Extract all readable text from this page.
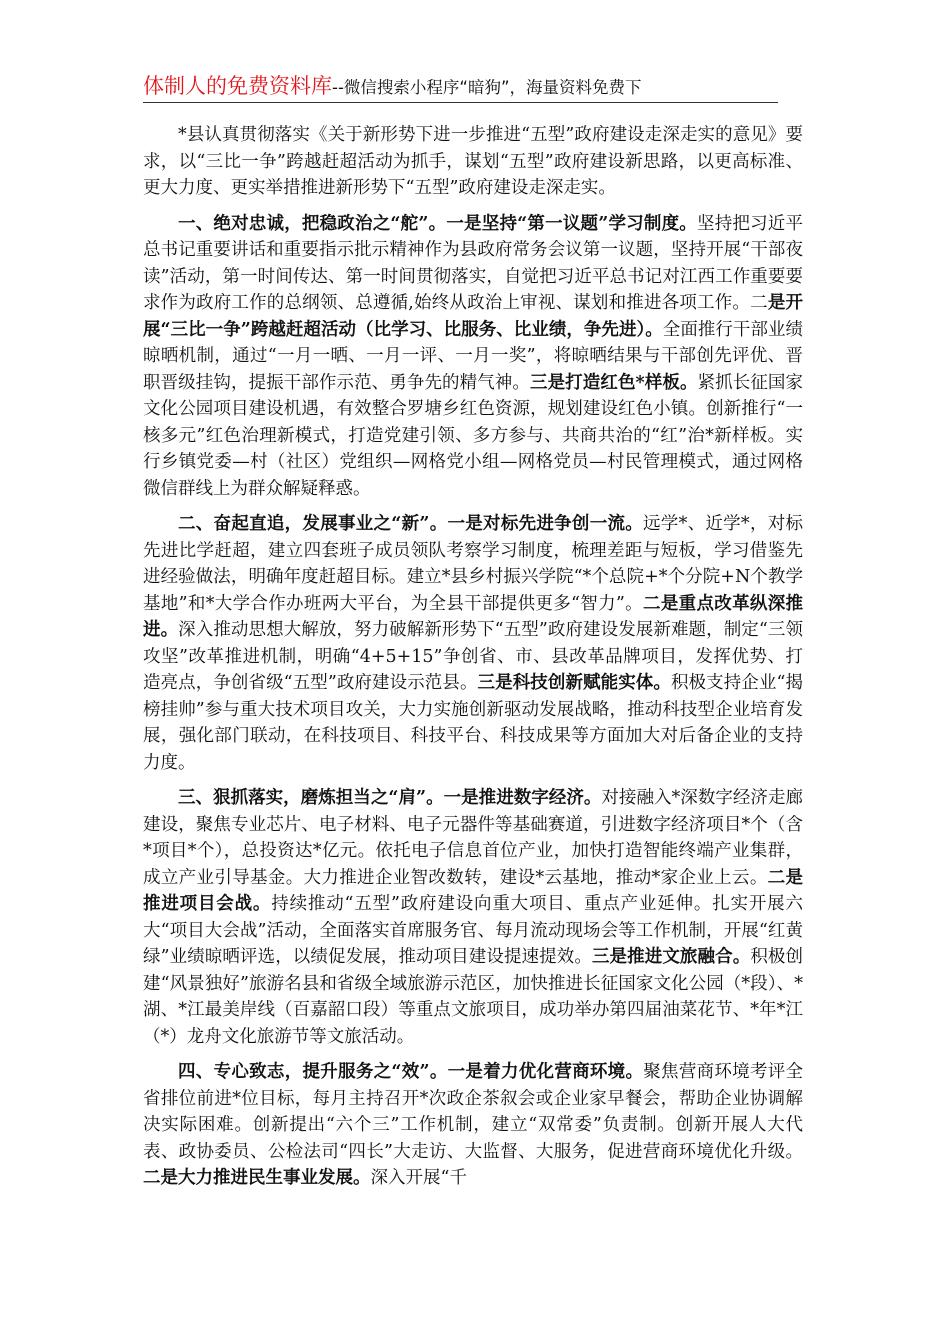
体制人的免费资料库--微信搜索小程序“暗狗”，海量资料免费下

*县认真贯彻落实《关于新形势下进一步推进“五型”政府建设走深走实的意见》要求，以“三比一争”跨越赶超活动为抓手，谋划“五型”政府建设新思路，以更高标准、更大力度、更实举措推进新形势下“五型”政府建设走深走实。

一、绝对忠诚，把稳政治之“舵”。一是坚持“第一议题”学习制度。坚持把习近平总书记重要讲话和重要指示批示精神作为县政府常务会议第一议题，坚持开展“干部夜读”活动，第一时间传达、第一时间贯彻落实，自觉把习近平总书记对江西工作重要要求作为政府工作的总纲领、总遵循,始终从政治上审视、谋划和推进各项工作。二是开展“三比一争”跨越赶超活动（比学习、比服务、比业绩，争先进）。全面推行干部业绩晾晒机制，通过“一月一晒、一月一评、一月一奖”，将晾晒结果与干部创先评优、晋职晋级挂钩，提振干部作示范、勇争先的精气神。三是打造红色*样板。紧抓长征国家文化公园项目建设机遇，有效整合罗塘乡红色资源，规划建设红色小镇。创新推行“一核多元”红色治理新模式，打造党建引领、多方参与、共商共治的“红”治*新样板。实行乡镇党委—村（社区）党组织—网格党小组—网格党员—村民管理模式，通过网格微信群线上为群众解疑释惑。

二、奋起直追，发展事业之“新”。一是对标先进争创一流。远学*、近学*，对标先进比学赶超，建立四套班子成员领队考察学习制度，梳理差距与短板，学习借鉴先进经验做法，明确年度赶超目标。建立*县乡村振兴学院“*个总院+*个分院+N个教学基地”和*大学合作办班两大平台，为全县干部提供更多“智力”。二是重点改革纵深推进。深入推动思想大解放，努力破解新形势下“五型”政府建设发展新难题，制定“三领攻坚”改革推进机制，明确“4+5+15”争创省、市、县改革品牌项目，发挥优势、打造亮点，争创省级“五型”政府建设示范县。三是科技创新赋能实体。积极支持企业“揭榜挂帅”参与重大技术项目攻关，大力实施创新驱动发展战略，推动科技型企业培育发展，强化部门联动，在科技项目、科技平台、科技成果等方面加大对后备企业的支持力度。

三、狠抓落实，磨炼担当之“肩”。一是推进数字经济。对接融入*深数字经济走廊建设，聚焦专业芯片、电子材料、电子元器件等基础赛道，引进数字经济项目*个（含*项目*个），总投资达*亿元。依托电子信息首位产业，加快打造智能终端产业集群，成立产业引导基金。大力推进企业智改数转，建设*云基地，推动*家企业上云。二是推进项目会战。持续推动“五型”政府建设向重大项目、重点产业延伸。扎实开展六大“项目大会战”活动，全面落实首席服务官、每月流动现场会等工作机制，开展“红黄绿”业绩晾晒评选，以绩促发展，推动项目建设提速提效。三是推进文旅融合。积极创建“风景独好”旅游名县和省级全域旅游示范区，加快推进长征国家文化公园（*段）、*湖、*江最美岸线（百嘉韶口段）等重点文旅项目，成功举办第四届油菜花节、*年*江（*）龙舟文化旅游节等文旅活动。

四、专心致志，提升服务之“效”。一是着力优化营商环境。聚焦营商环境考评全省排位前进*位目标，每月主持召开*次政企茶叙会或企业家早餐会，帮助企业协调解决实际困难。创新提出“六个三”工作机制，建立“双常委”负责制。创新开展人大代表、政协委员、公检法司“四长”大走访、大监督、大服务，促进营商环境优化升级。二是大力推进民生事业发展。深入开展“千
